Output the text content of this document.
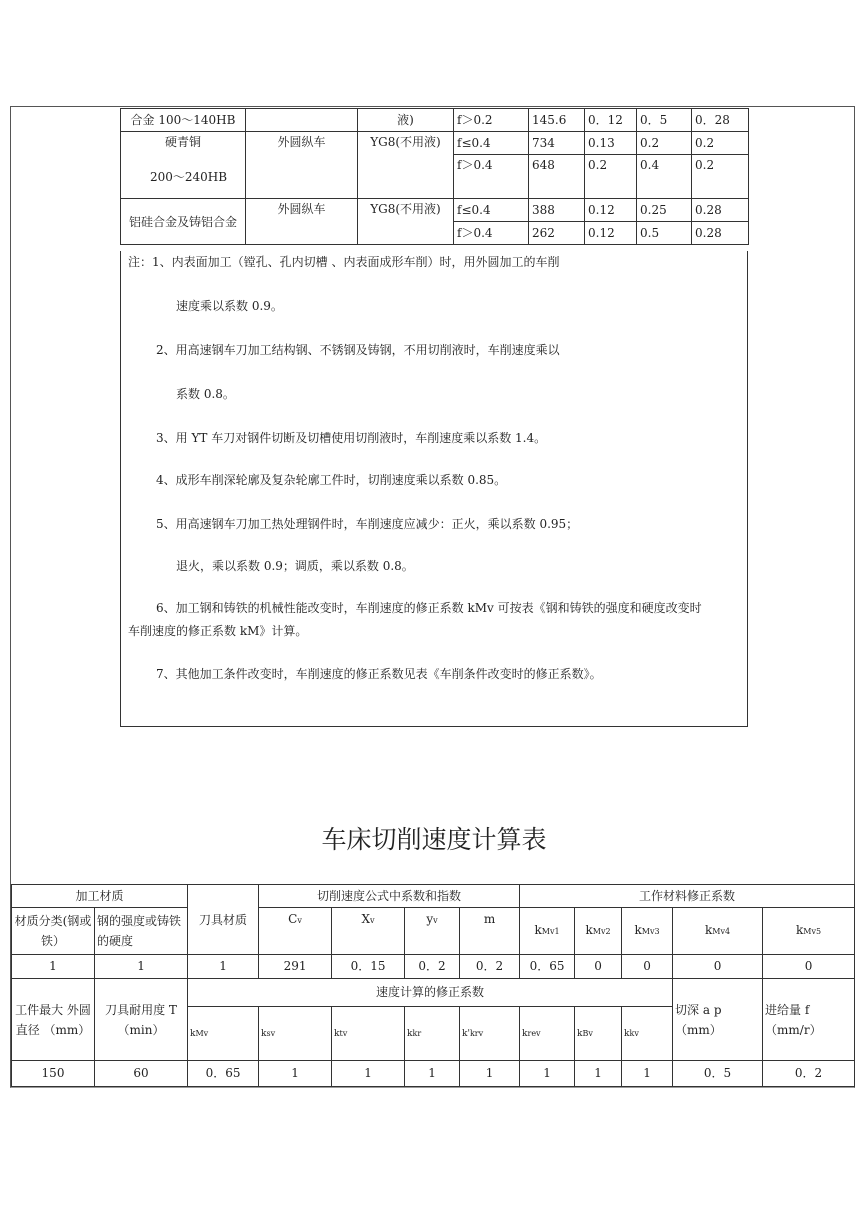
合金 100～140HB		液)	f＞0.2	145.6	0．12	0．5	0．28

硬青铜
200～240HB	外圆纵车	YG8(不用液)	f≤0.4	734	0.13	0.2	0.2
			f＞0.4	648	0.2	0.4	0.2
铝硅合金及铸铝合金	外圆纵车	YG8(不用液)	f≤0.4	388	0.12	0.25	0.28
			f＞0.4	262	0.12	0.5	0.28

注：1、内表面加工（镗孔、孔内切槽 、内表面成形车削）时，用外圆加工的车削

速度乘以系数 0.9。

2、用高速钢车刀加工结构钢、不锈钢及铸钢，不用切削液时，车削速度乘以

系数 0.8。

3、用 YT 车刀对钢件切断及切槽使用切削液时，车削速度乘以系数 1.4。

4、成形车削深轮廓及复杂轮廓工件时，切削速度乘以系数 0.85。

5、用高速钢车刀加工热处理钢件时，车削速度应减少：正火，乘以系数 0.95；

退火，乘以系数 0.9；调质，乘以系数 0.8。

6、加工钢和铸铁的机械性能改变时，车削速度的修正系数 kMv 可按表《钢和铸铁的强度和硬度改变时

车削速度的修正系数 kM》计算。

7、其他加工条件改变时，车削速度的修正系数见表《车削条件改变时的修正系数》。

车床切削速度计算表
加工材质		刀具材质	切削速度公式中系数和指数				工作材料修正系数				
材质分类(钢或铁）	钢的强度或铸铁的硬度		Cv	Xv	yv	m	kMv1	kMv2	kMv3	kMv4	kMv5
1	1	1	291	0．15	0．2	0．2	0．65	0	0	0	0
工件最大 外圆直径 （mm）	刀具耐用度 T （min）	速度计算的修正系数								切深 a p （mm）	进给量 f （mm/r）
		kMv	ksv	ktv	kkr	k'krv	krev	kBv	kkv		
150	60	0．65	1	1	1	1	1	1	1	0．5	0．2
